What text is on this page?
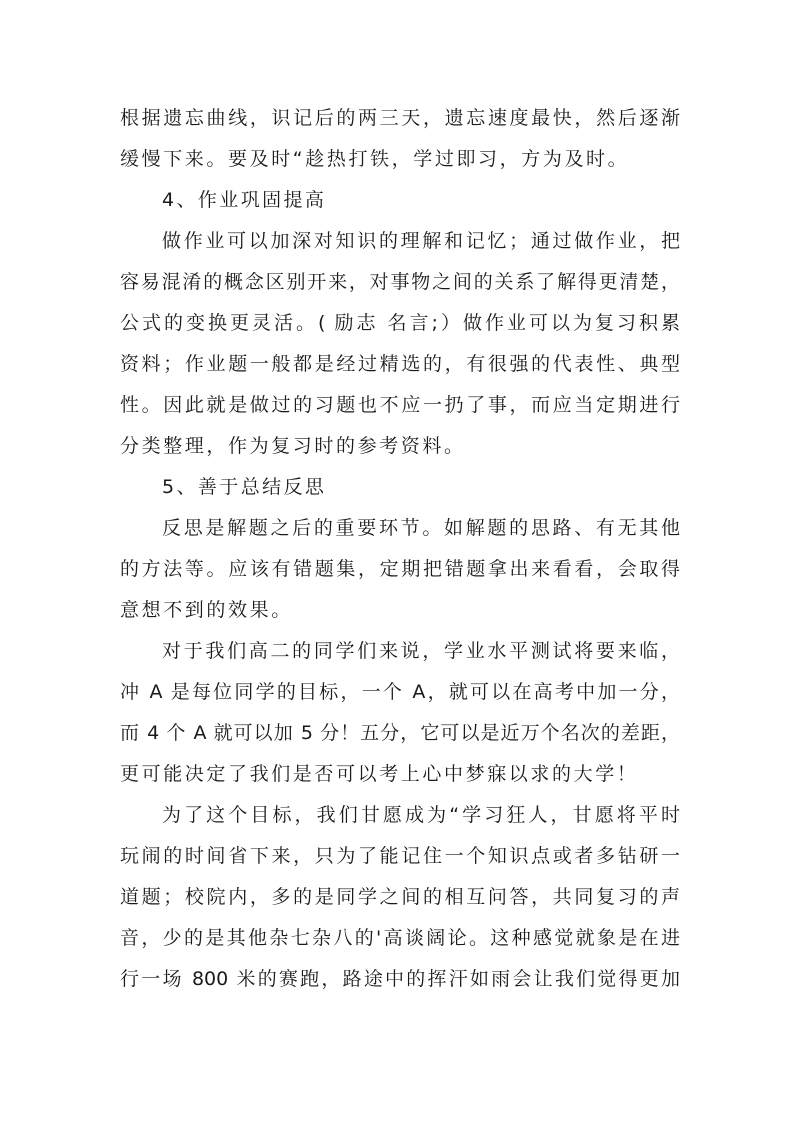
根据遗忘曲线，识记后的两三天，遗忘速度最快，然后逐渐
缓慢下来。要及时“趁热打铁，学过即习，方为及时。
4、作业巩固提高
做作业可以加深对知识的理解和记忆；通过做作业，把
容易混淆的概念区别开来，对事物之间的关系了解得更清楚，
公式的变换更灵活。( 励志 名言;）做作业可以为复习积累
资料；作业题一般都是经过精选的，有很强的代表性、典型
性。因此就是做过的习题也不应一扔了事，而应当定期进行
分类整理，作为复习时的参考资料。
5、善于总结反思
反思是解题之后的重要环节。如解题的思路、有无其他
的方法等。应该有错题集，定期把错题拿出来看看，会取得
意想不到的效果。
对于我们高二的同学们来说，学业水平测试将要来临，
冲 A 是每位同学的目标，一个 A，就可以在高考中加一分，
而 4 个 A 就可以加 5 分！五分，它可以是近万个名次的差距，
更可能决定了我们是否可以考上心中梦寐以求的大学！
为了这个目标，我们甘愿成为“学习狂人，甘愿将平时
玩闹的时间省下来，只为了能记住一个知识点或者多钻研一
道题；校院内，多的是同学之间的相互问答，共同复习的声
音，少的是其他杂七杂八的'高谈阔论。这种感觉就象是在进
行一场 800 米的赛跑，路途中的挥汗如雨会让我们觉得更加
